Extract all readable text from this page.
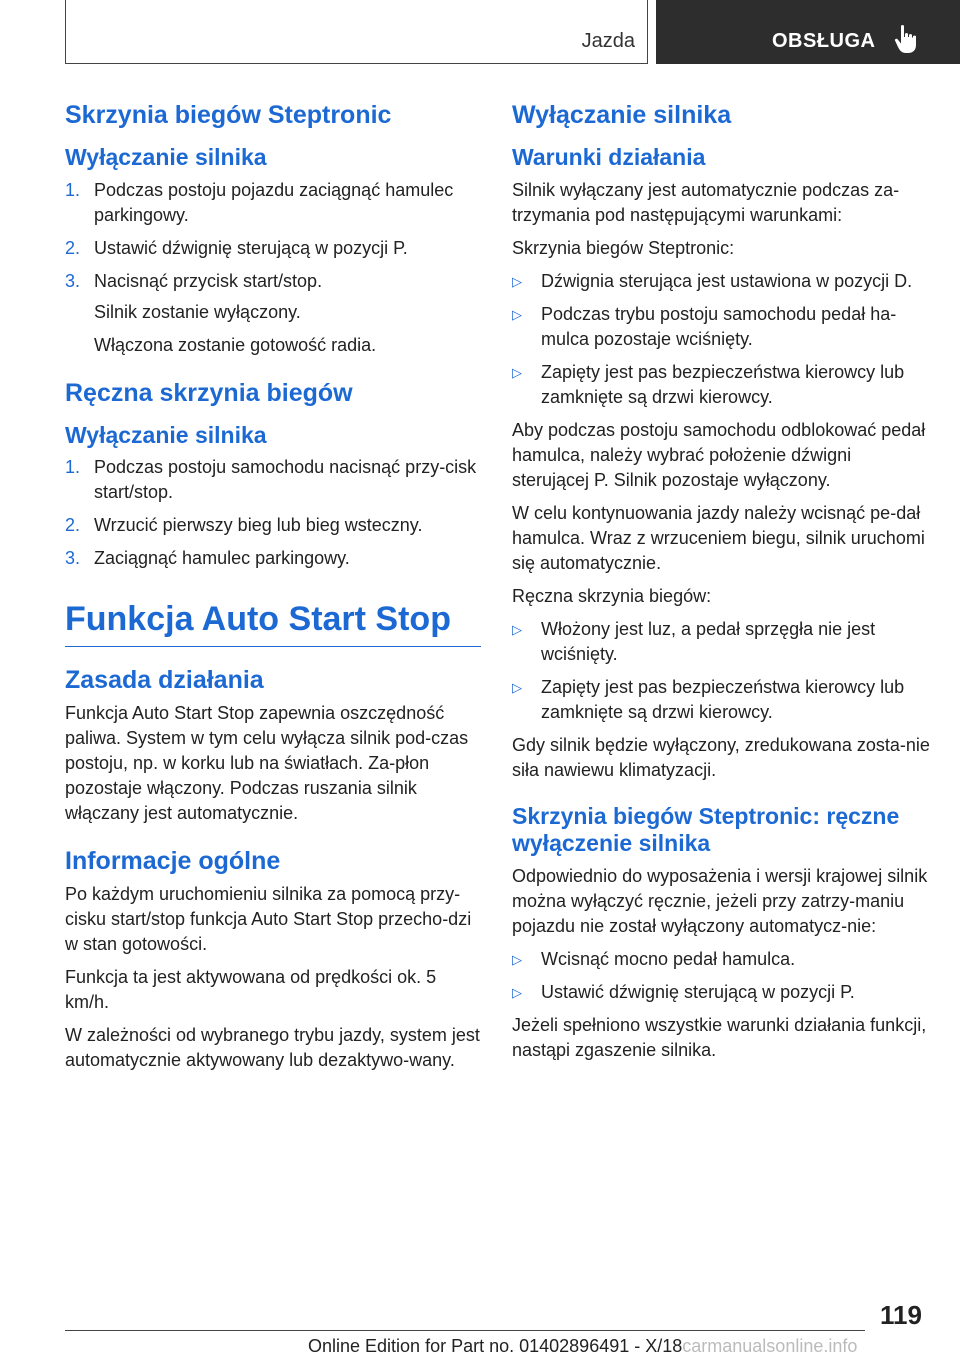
Jazda	OBSŁUGA
Skrzynia biegów Steptronic
Wyłączanie silnika
1. Podczas postoju pojazdu zaciągnąć hamulec parkingowy.
2. Ustawić dźwignię sterującą w pozycji P.
3. Nacisnąć przycisk start/stop.
Silnik zostanie wyłączony.
Włączona zostanie gotowość radia.
Ręczna skrzynia biegów
Wyłączanie silnika
1. Podczas postoju samochodu nacisnąć przy-cisk start/stop.
2. Wrzucić pierwszy bieg lub bieg wsteczny.
3. Zaciągnąć hamulec parkingowy.
Funkcja Auto Start Stop
Zasada działania

Funkcja Auto Start Stop zapewnia oszczędność paliwa. System w tym celu wyłącza silnik pod-czas postoju, np. w korku lub na światłach. Za-płon pozostaje włączony. Podczas ruszania silnik włączany jest automatycznie.

Informacje ogólne

Po każdym uruchomieniu silnika za pomocą przy-cisku start/stop funkcja Auto Start Stop przecho-dzi w stan gotowości.

Funkcja ta jest aktywowana od prędkości ok. 5 km/h.

W zależności od wybranego trybu jazdy, system jest automatycznie aktywowany lub dezaktywo-wany.

Wyłączanie silnika
Warunki działania

Silnik wyłączany jest automatycznie podczas za-trzymania pod następującymi warunkami:

Skrzynia biegów Steptronic:

▷ Dźwignia sterująca jest ustawiona w pozycji D.
▷ Podczas trybu postoju samochodu pedał ha-mulca pozostaje wciśnięty.
▷ Zapięty jest pas bezpieczeństwa kierowcy lub zamknięte są drzwi kierowcy.

Aby podczas postoju samochodu odblokować pedał hamulca, należy wybrać położenie dźwigni sterującej P. Silnik pozostaje wyłączony.

W celu kontynuowania jazdy należy wcisnąć pe-dał hamulca. Wraz z wrzuceniem biegu, silnik uruchomi się automatycznie.

Ręczna skrzynia biegów:

▷ Włożony jest luz, a pedał sprzęgła nie jest wciśnięty.
▷ Zapięty jest pas bezpieczeństwa kierowcy lub zamknięte są drzwi kierowcy.

Gdy silnik będzie wyłączony, zredukowana zosta-nie siła nawiewu klimatyzacji.

Skrzynia biegów Steptronic: ręczne wyłączenie silnika

Odpowiednio do wyposażenia i wersji krajowej silnik można wyłączyć ręcznie, jeżeli przy zatrzy-maniu pojazdu nie został wyłączony automatycz-nie:

▷ Wcisnąć mocno pedał hamulca.
▷ Ustawić dźwignię sterującą w pozycji P.

Jeżeli spełniono wszystkie warunki działania funkcji, nastąpi zgaszenie silnika.

119
Online Edition for Part no. 01402896491 - X/18carmanualsonline.info
